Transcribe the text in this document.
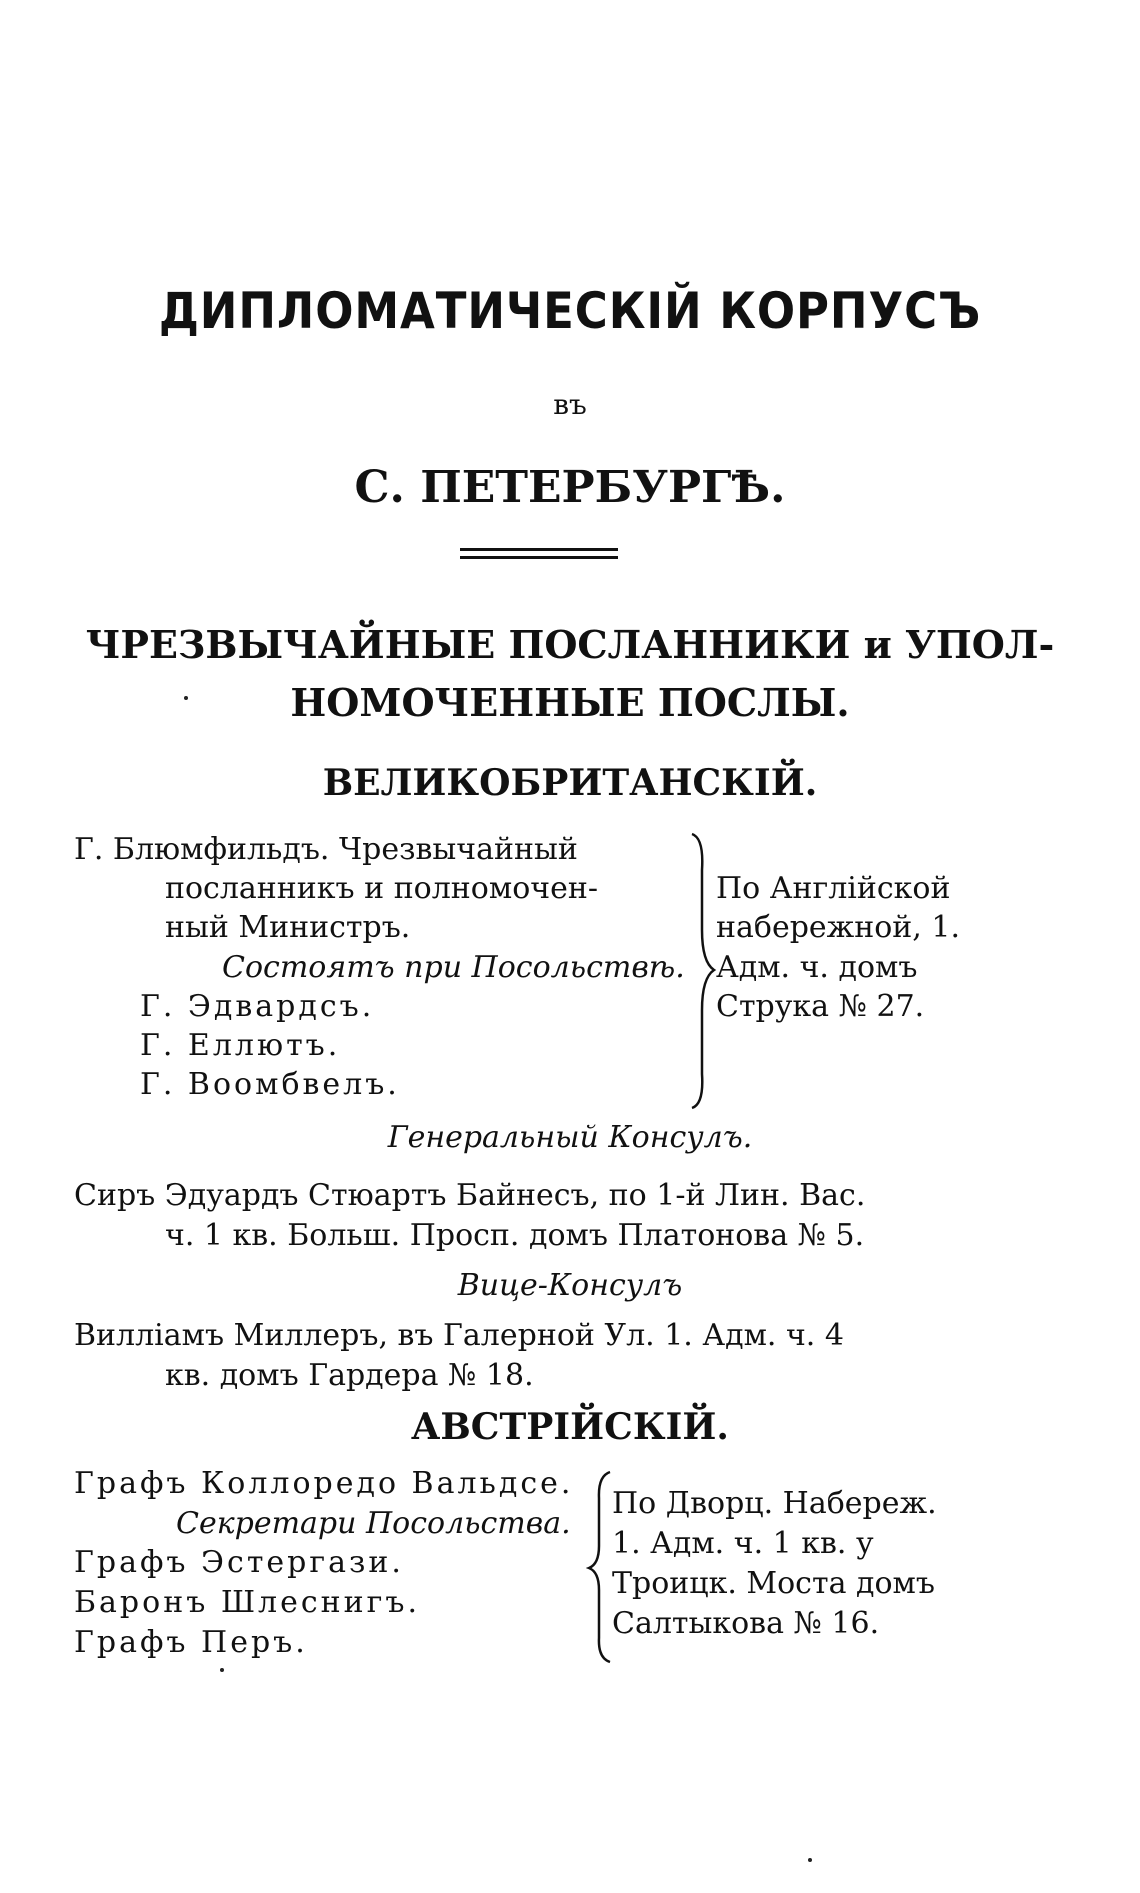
ДИПЛОМАТИЧЕСКІЙ КОРПУСЪ
въ
С. ПЕТЕРБУРГѢ.
ЧРЕЗВЫЧАЙНЫЕ ПОСЛАННИКИ и УПОЛ-
НОМОЧЕННЫЕ ПОСЛЫ.
ВЕЛИКОБРИТАНСКІЙ.
Г. Блюмфильдъ. Чрезвычайный
посланникъ и полномочен-
ный Министръ.
Состоятъ при Посольствѣ.
Г. Эдвардсъ.
Г. Еллютъ.
Г. Воомбвелъ.
По Англійской
набережной, 1.
Адм. ч. домъ
Струка № 27.
Генеральный Консулъ.
Сиръ Эдуардъ Стюартъ Байнесъ, по 1-й Лин. Вас.
ч. 1 кв. Больш. Просп. домъ Платонова № 5.
Вице-Консулъ
Вилліамъ Миллеръ, въ Галерной Ул. 1. Адм. ч. 4
кв. домъ Гардера № 18.
АВСТРІЙСКІЙ.
Графъ Коллоредо Вальдсе.
Секретари Посольства.
Графъ Эстергази.
Баронъ Шлеснигъ.
Графъ Перъ.
По Дворц. Набереж.
1. Адм. ч. 1 кв. у
Троицк. Моста домъ
Салтыкова № 16.
